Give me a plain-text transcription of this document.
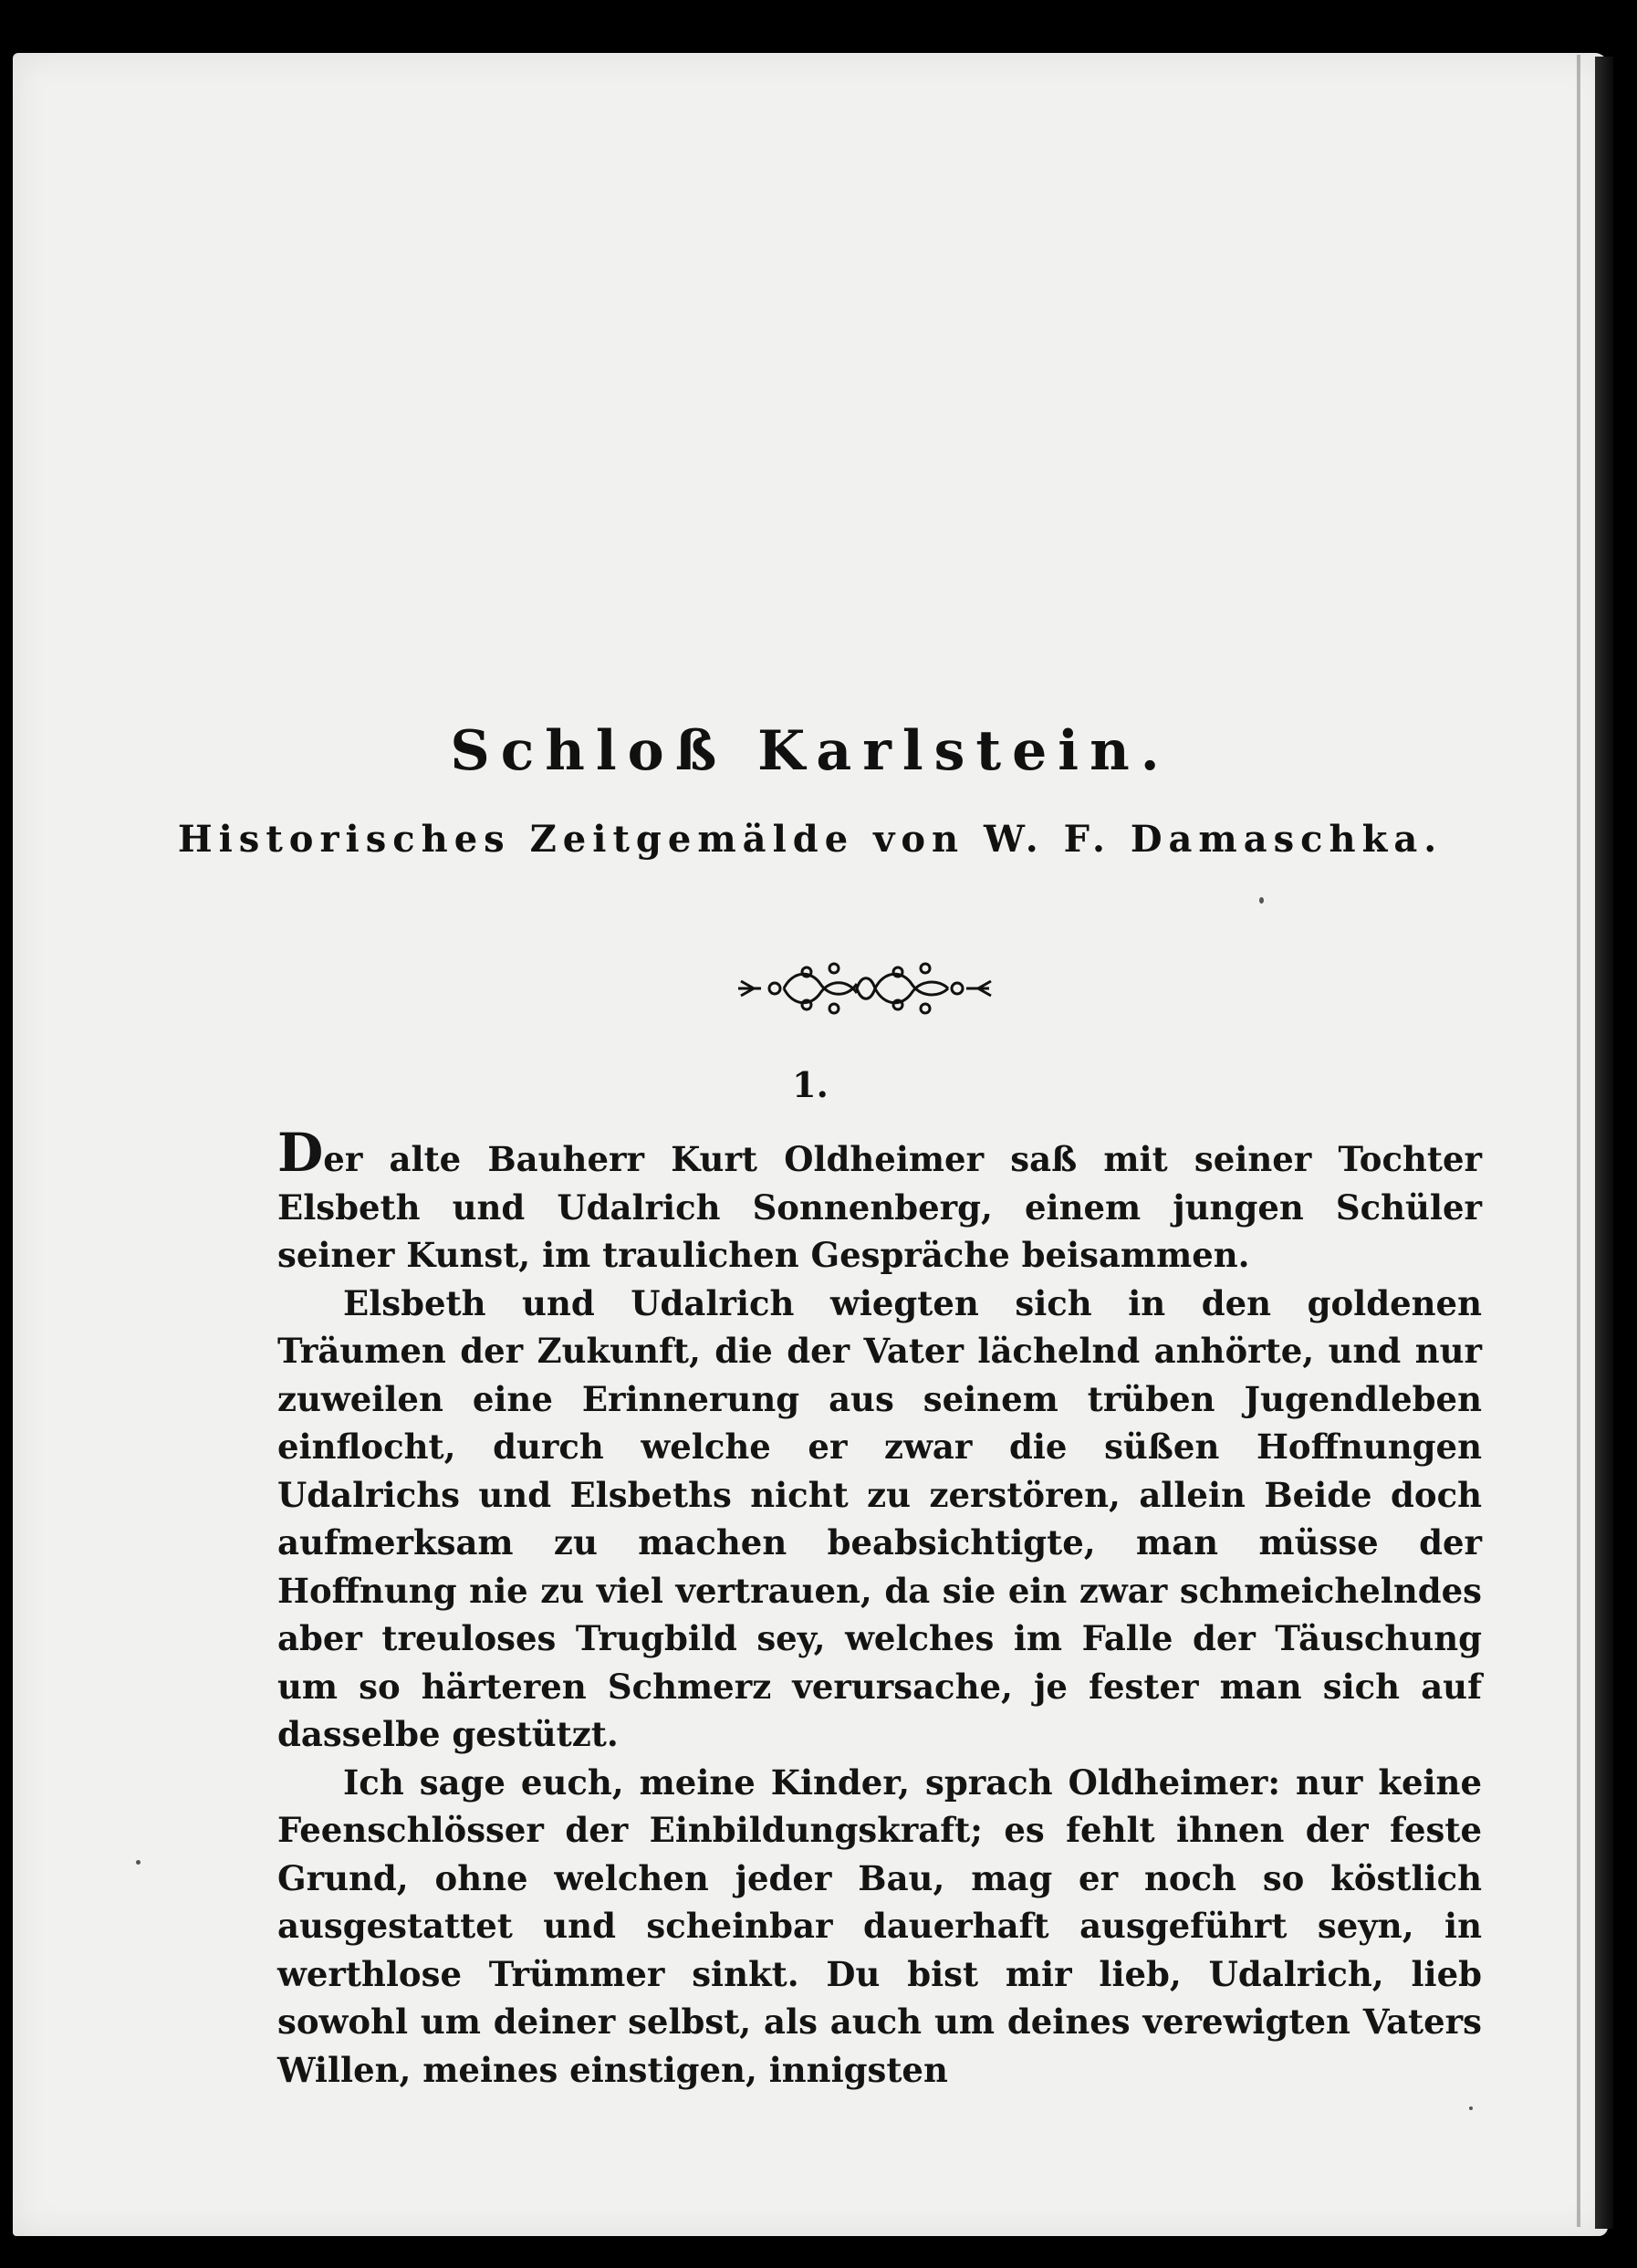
Schloß Karlstein.
Historisches Zeitgemälde von W. F. Damaschka.
1.

Der alte Bauherr Kurt Oldheimer saß mit seiner Tochter Elsbeth und Udalrich Sonnenberg, einem jungen Schüler seiner Kunst, im traulichen Gespräche beisammen.

Elsbeth und Udalrich wiegten sich in den goldenen Träumen der Zukunft, die der Vater lächelnd anhörte, und nur zuweilen eine Erinnerung aus seinem trüben Jugendleben einflocht, durch welche er zwar die süßen Hoffnungen Udalrichs und Elsbeths nicht zu zerstören, allein Beide doch aufmerksam zu machen beabsichtigte, man müsse der Hoffnung nie zu viel vertrauen, da sie ein zwar schmeichelndes aber treuloses Trugbild sey, welches im Falle der Täuschung um so härteren Schmerz verursache, je fester man sich auf dasselbe gestützt.

Ich sage euch, meine Kinder, sprach Oldheimer: nur keine Feenschlösser der Einbildungskraft; es fehlt ihnen der feste Grund, ohne welchen jeder Bau, mag er noch so köstlich ausgestattet und scheinbar dauerhaft ausgeführt seyn, in werthlose Trümmer sinkt. Du bist mir lieb, Udalrich, lieb sowohl um deiner selbst, als auch um deines verewigten Vaters Willen, meines einstigen, innigsten
